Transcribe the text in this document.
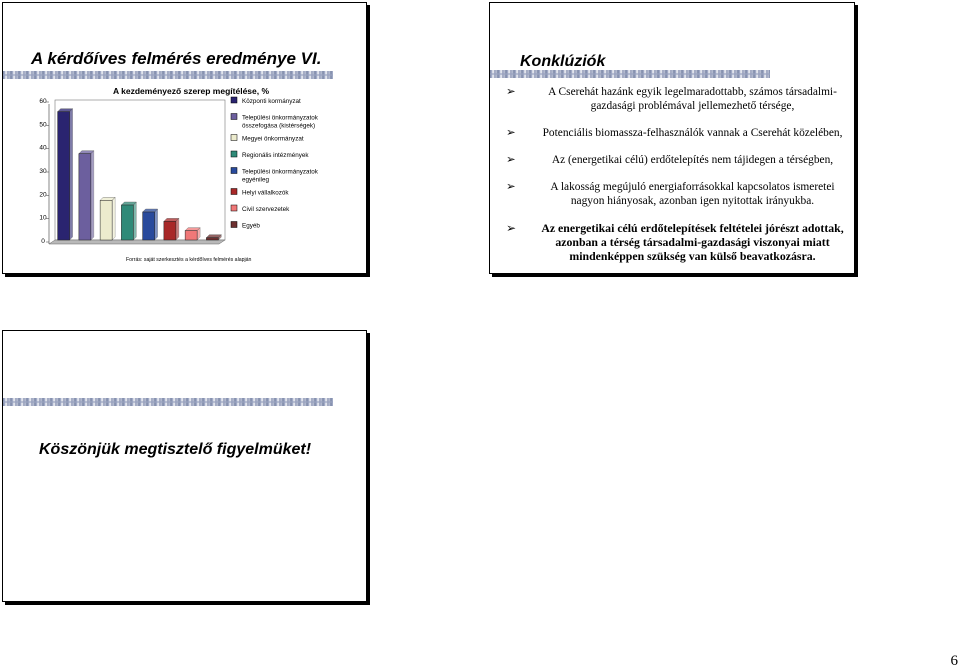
A kérdőíves felmérés eredménye VI.
A kezdeményező szerep megítélése, %
0
10
20
30
40
50
60	Központi kormányzat
Települési önkormányzatok
összefogása (kistérségek)
Megyei önkormányzat
Regionális intézmények
Települési önkormányzatok
egyénileg
Helyi vállalkozók
Civil szervezetek
Egyéb
Forrás: saját szerkesztés a kérdőíves felmérés alapján
Konklúziók
➢	A Cserehát hazánk egyik legelmaradottabb, számos társadalmi-gazdasági problémával jellemezhető térsége,
➢	Potenciális biomassza-felhasználók vannak a Cserehát közelében,
➢	Az (energetikai célú) erdőtelepítés nem tájidegen a térségben,
➢	A lakosság megújuló energiaforrásokkal kapcsolatos ismeretei nagyon hiányosak, azonban igen nyitottak irányukba.
➢	Az energetikai célú erdőtelepítések feltételei jórészt adottak, azonban a térség társadalmi-gazdasági viszonyai miatt mindenképpen szükség van külső beavatkozásra.
Köszönjük megtisztelő figyelmüket!
6
